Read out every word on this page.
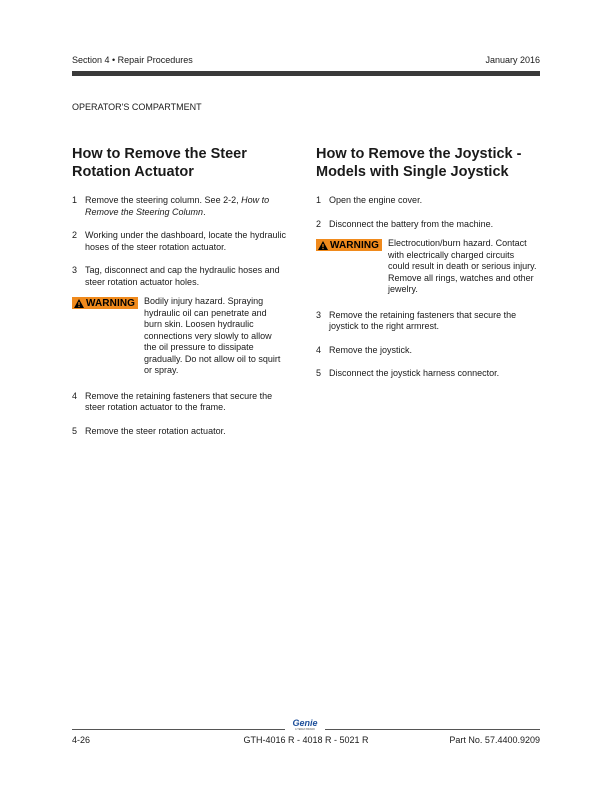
Section 4 • Repair Procedures	January 2016
OPERATOR'S COMPARTMENT
How to Remove the Steer Rotation Actuator
1 Remove the steering column. See 2-2, How to Remove the Steering Column.
2 Working under the dashboard, locate the hydraulic hoses of the steer rotation actuator.
3 Tag, disconnect and cap the hydraulic hoses and steer rotation actuator holes.
WARNING Bodily injury hazard. Spraying hydraulic oil can penetrate and burn skin. Loosen hydraulic connections very slowly to allow the oil pressure to dissipate gradually. Do not allow oil to squirt or spray.
4 Remove the retaining fasteners that secure the steer rotation actuator to the frame.
5 Remove the steer rotation actuator.
How to Remove the Joystick - Models with Single Joystick
1 Open the engine cover.
2 Disconnect the battery from the machine.
WARNING Electrocution/burn hazard. Contact with electrically charged circuits could result in death or serious injury. Remove all rings, watches and other jewelry.
3 Remove the retaining fasteners that secure the joystick to the right armrest.
4 Remove the joystick.
5 Disconnect the joystick harness connector.
Genie
A TEREX BRAND
4-26	GTH-4016 R - 4018 R - 5021 R	Part No. 57.4400.9209
